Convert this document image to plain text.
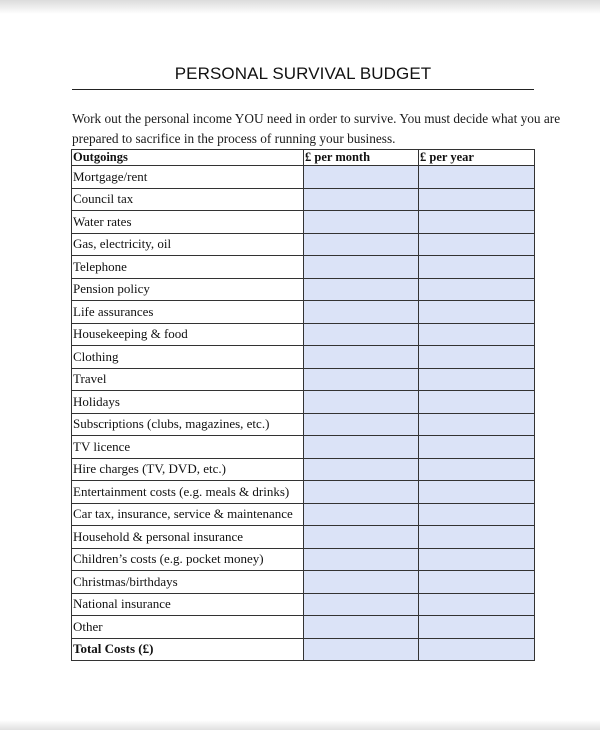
PERSONAL SURVIVAL BUDGET
Work out the personal income YOU need in order to survive. You must decide what you are
prepared to sacrifice in the process of running your business.
Outgoings	£ per month	£ per year
Mortgage/rent		
Council tax		
Water rates		
Gas, electricity, oil		
Telephone		
Pension policy		
Life assurances		
Housekeeping & food		
Clothing		
Travel		
Holidays		
Subscriptions (clubs, magazines, etc.)		
TV licence		
Hire charges (TV, DVD, etc.)		
Entertainment costs (e.g. meals & drinks)		
Car tax, insurance, service & maintenance		
Household & personal insurance		
Children’s costs (e.g. pocket money)		
Christmas/birthdays		
National insurance		
Other		
Total Costs (£)		
